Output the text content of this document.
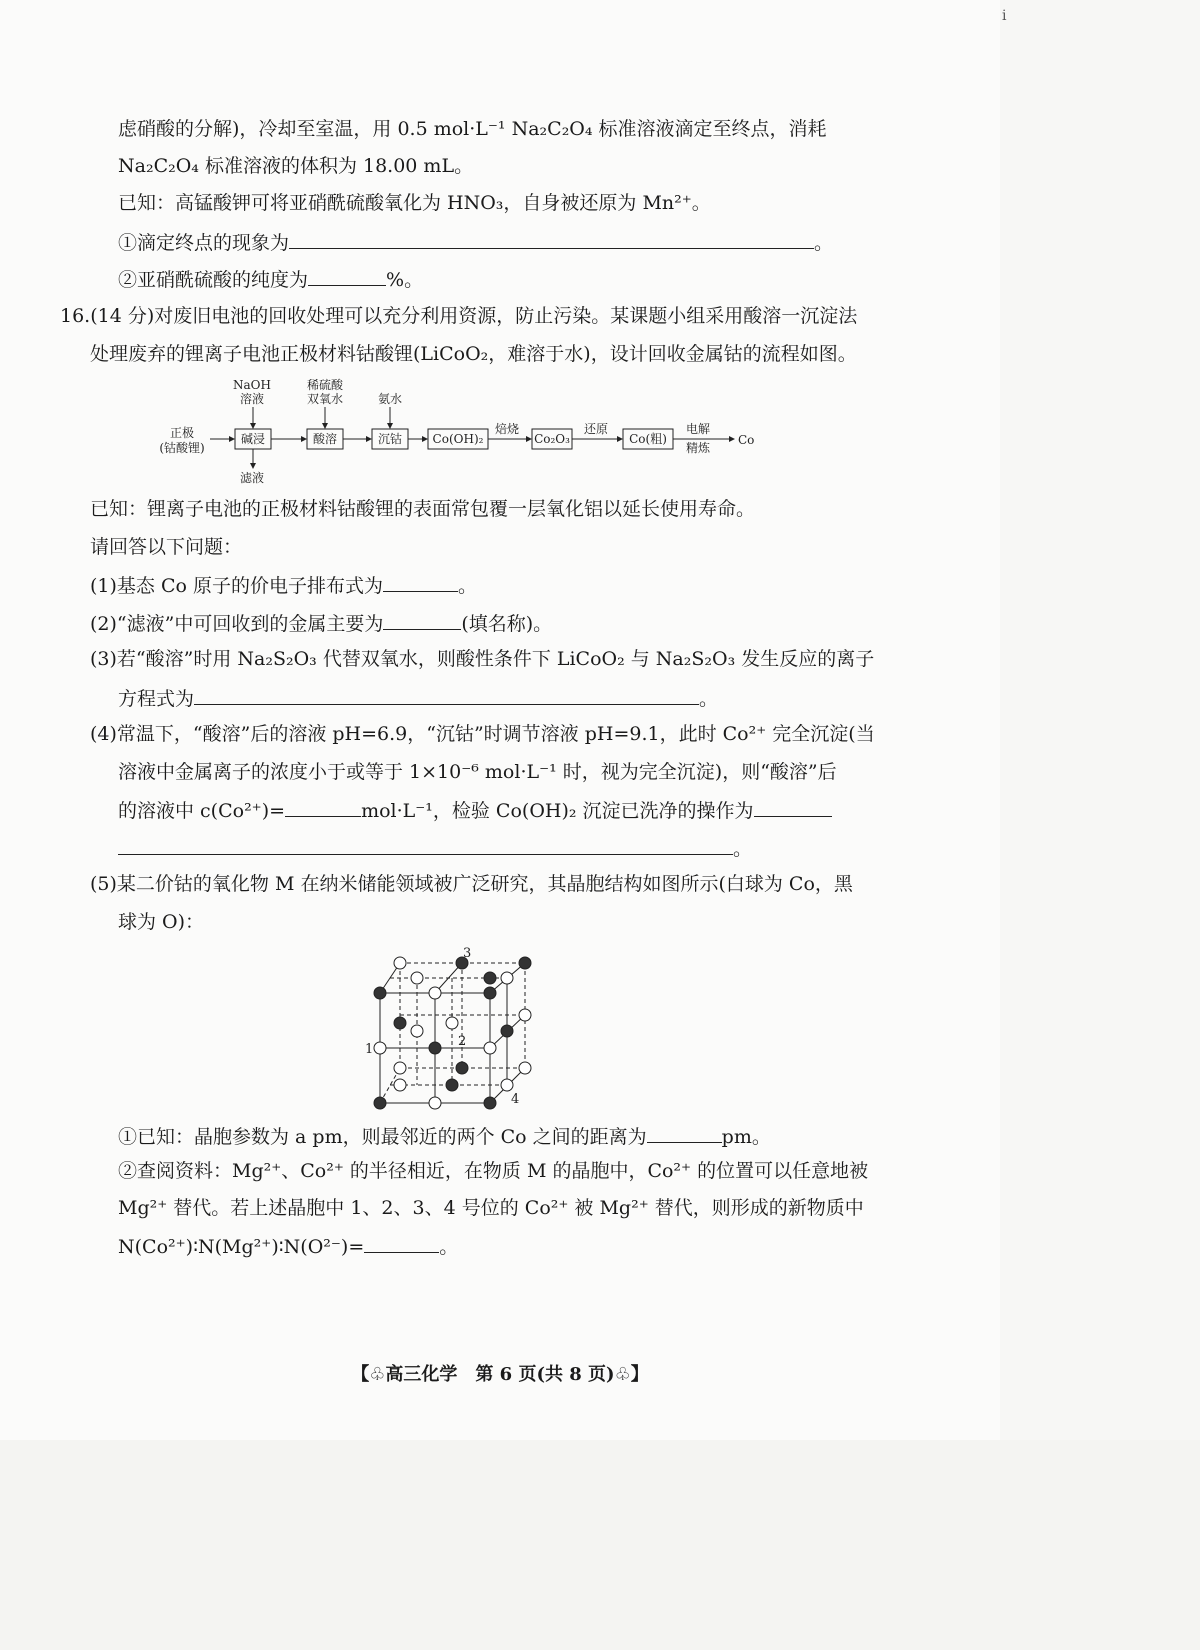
ⅰ
虑硝酸的分解)，冷却至室温，用 0.5 mol·L⁻¹ Na₂C₂O₄ 标准溶液滴定至终点，消耗
Na₂C₂O₄ 标准溶液的体积为 18.00 mL。
已知：高锰酸钾可将亚硝酰硫酸氧化为 HNO₃，自身被还原为 Mn²⁺。
①滴定终点的现象为	。
②亚硝酰硫酸的纯度为	%。
16.(14 分)对废旧电池的回收处理可以充分利用资源，防止污染。某课题小组采用酸溶一沉淀法
处理废弃的锂离子电池正极材料钴酸锂(LiCoO₂，难溶于水)，设计回收金属钴的流程如图。
正极
(钴酸锂)
NaOH
溶液
稀硫酸
双氧水	氨水
滤液
焙烧	还原	电解
精炼
Co
碱浸	酸溶	沉钴	Co(OH)₂	Co₂O₃	Co(粗)
已知：锂离子电池的正极材料钴酸锂的表面常包覆一层氧化铝以延长使用寿命。
请回答以下问题：
(1)基态 Co 原子的价电子排布式为	。
(2)“滤液”中可回收到的金属主要为	(填名称)。
(3)若“酸溶”时用 Na₂S₂O₃ 代替双氧水，则酸性条件下 LiCoO₂ 与 Na₂S₂O₃ 发生反应的离子
方程式为	。
(4)常温下，“酸溶”后的溶液 pH=6.9，“沉钴”时调节溶液 pH=9.1，此时 Co²⁺ 完全沉淀(当
溶液中金属离子的浓度小于或等于 1×10⁻⁶ mol·L⁻¹ 时，视为完全沉淀)，则“酸溶”后
的溶液中 c(Co²⁺)=	mol·L⁻¹，检验 Co(OH)₂ 沉淀已洗净的操作为
。
(5)某二价钴的氧化物 M 在纳米储能领域被广泛研究，其晶胞结构如图所示(白球为 Co，黑
球为 O)：
3
1
2
4
①已知：晶胞参数为 a pm，则最邻近的两个 Co 之间的距离为	pm。
②查阅资料：Mg²⁺、Co²⁺ 的半径相近，在物质 M 的晶胞中，Co²⁺ 的位置可以任意地被
Mg²⁺ 替代。若上述晶胞中 1、2、3、4 号位的 Co²⁺ 被 Mg²⁺ 替代，则形成的新物质中
N(Co²⁺)∶N(Mg²⁺)∶N(O²⁻)=	。
【♧高三化学　第 6 页(共 8 页)♧】
